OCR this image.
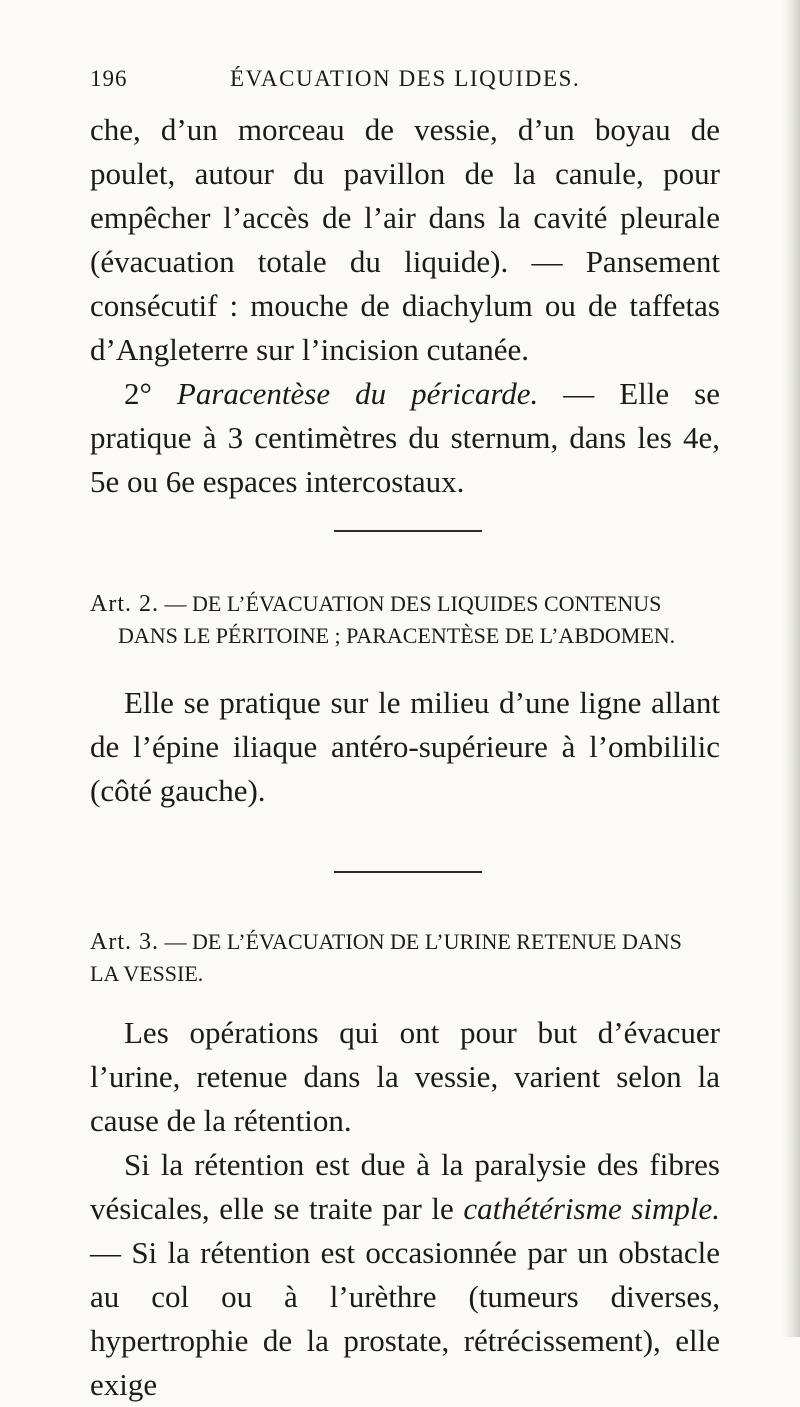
196	ÉVACUATION DES LIQUIDES.

che, d’un morceau de vessie, d’un boyau de poulet, autour du pavillon de la canule, pour empêcher l’accès de l’air dans la cavité pleurale (évacuation totale du liquide). — Pansement consécutif : mouche de diachylum ou de taffetas d’Angleterre sur l’incision cutanée.

2° Paracentèse du péricarde. — Elle se pratique à 3 centimètres du sternum, dans les 4e, 5e ou 6e espaces intercostaux.

Art. 2. — DE L’ÉVACUATION DES LIQUIDES CONTENUS
DANS LE PÉRITOINE ; PARACENTÈSE DE L’ABDOMEN.

Elle se pratique sur le milieu d’une ligne allant de l’épine iliaque antéro-supérieure à l’ombililic (côté gauche).

Art. 3. — DE L’ÉVACUATION DE L’URINE RETENUE DANS
LA VESSIE.

Les opérations qui ont pour but d’évacuer l’urine, retenue dans la vessie, varient selon la cause de la rétention.

Si la rétention est due à la paralysie des fibres vésicales, elle se traite par le cathétérisme simple. — Si la rétention est occasionnée par un obstacle au col ou à l’urèthre (tumeurs diverses, hypertrophie de la prostate, rétrécissement), elle exige
